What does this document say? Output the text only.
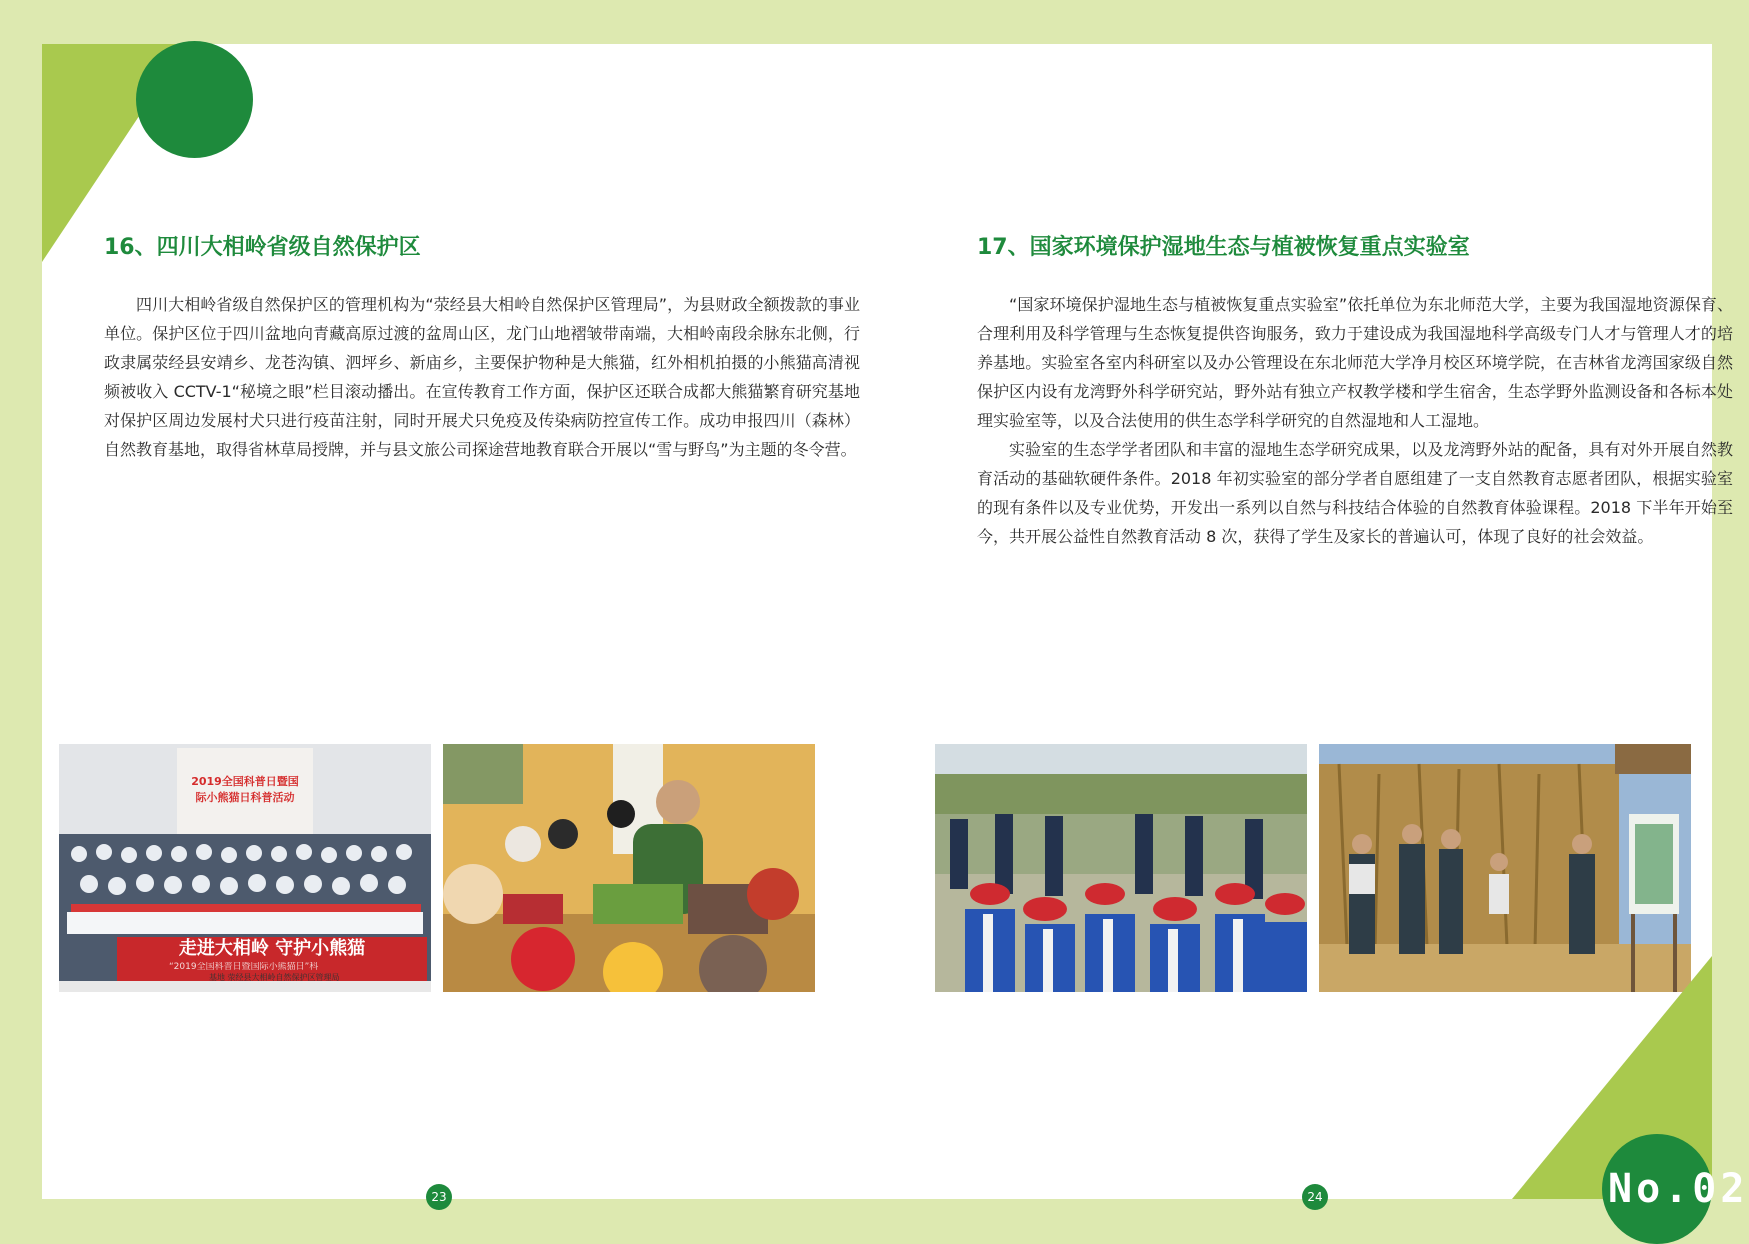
16、四川大相岭省级自然保护区

四川大相岭省级自然保护区的管理机构为“荥经县大相岭自然保护区管理局”，为县财政全额拨款的事业单位。保护区位于四川盆地向青藏高原过渡的盆周山区，龙门山地褶皱带南端，大相岭南段余脉东北侧，行政隶属荥经县安靖乡、龙苍沟镇、泗坪乡、新庙乡，主要保护物种是大熊猫，红外相机拍摄的小熊猫高清视频被收入 CCTV-1“秘境之眼”栏目滚动播出。在宣传教育工作方面，保护区还联合成都大熊猫繁育研究基地对保护区周边发展村犬只进行疫苗注射，同时开展犬只免疫及传染病防控宣传工作。成功申报四川（森林）自然教育基地，取得省林草局授牌，并与县文旅公司探途营地教育联合开展以“雪与野鸟”为主题的冬令营。

17、国家环境保护湿地生态与植被恢复重点实验室

“国家环境保护湿地生态与植被恢复重点实验室”依托单位为东北师范大学，主要为我国湿地资源保育、合理利用及科学管理与生态恢复提供咨询服务，致力于建设成为我国湿地科学高级专门人才与管理人才的培养基地。实验室各室内科研室以及办公管理设在东北师范大学净月校区环境学院，在吉林省龙湾国家级自然保护区内设有龙湾野外科学研究站，野外站有独立产权教学楼和学生宿舍，生态学野外监测设备和各标本处理实验室等，以及合法使用的供生态学科学研究的自然湿地和人工湿地。

实验室的生态学学者团队和丰富的湿地生态学研究成果，以及龙湾野外站的配备，具有对外开展自然教育活动的基础软硬件条件。2018 年初实验室的部分学者自愿组建了一支自然教育志愿者团队，根据实验室的现有条件以及专业优势，开发出一系列以自然与科技结合体验的自然教育体验课程。2018 下半年开始至今，共开展公益性自然教育活动 8 次，获得了学生及家长的普遍认可，体现了良好的社会效益。

2019全国科普日暨国际小熊猫日科普活动
走进大相岭 守护小熊猫
“2019全国科普日暨国际小熊猫日”科
基地 荥经县大相岭自然保护区管理局
23	24	No.02
